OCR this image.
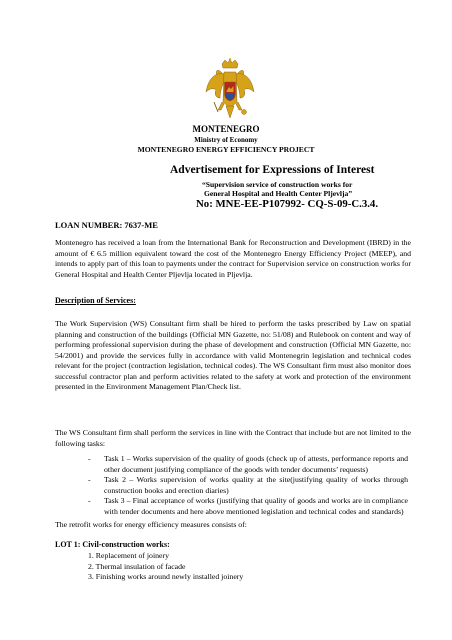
MONTENEGRO
Ministry of Economy
MONTENEGRO ENERGY EFFICIENCY PROJECT
Advertisement for Expressions of Interest
“Supervision service of construction works for
General Hospital and Health Center Pljevlja”
No: MNE-EE-P107992- CQ-S-09-C.3.4.
LOAN NUMBER: 7637-ME
Montenegro has received a loan from the International Bank for Reconstruction and Development (IBRD) in the amount of € 6.5 million equivalent toward the cost of the Montenegro Energy Efficiency Project (MEEP), and intends to apply part of this loan to payments under the contract for Supervision service on construction works for General Hospital and Health Center Pljevlja located in Pljevlja.
Description of Services:
The Work Supervision (WS) Consultant firm shall be hired to perform the tasks prescribed by Law on spatial planning and construction of the buildings (Official MN Gazette, no: 51/08) and Rulebook on content and way of performing professional supervision during the phase of development and construction (Official MN Gazette, no: 54/2001) and provide the services fully in accordance with valid Montenegrin legislation and technical codes relevant for the project (contraction legislation, technical codes). The WS Consultant firm must also monitor does successful contractor plan and perform activities related to the safety at work and protection of the environment presented in the Environment Management Plan/Check list.
The WS Consultant firm shall perform the services in line with the Contract that include but are not limited to the following tasks:
- Task 1 – Works supervision of the quality of goods (check up of attests, performance reports and other document justifying compliance of the goods with tender documents’ requests)
- Task 2 – Works supervision of works quality at the site(justifying quality of works through construction books and erection diaries)
- Task 3 – Final acceptance of works (justifying that quality of goods and works are in compliance with tender documents and here above mentioned legislation and technical codes and standards)
The retrofit works for energy efficiency measures consists of:
LOT 1: Civil-construction works:
1. Replacement of joinery
2. Thermal insulation of facade
3. Finishing works around newly installed joinery
